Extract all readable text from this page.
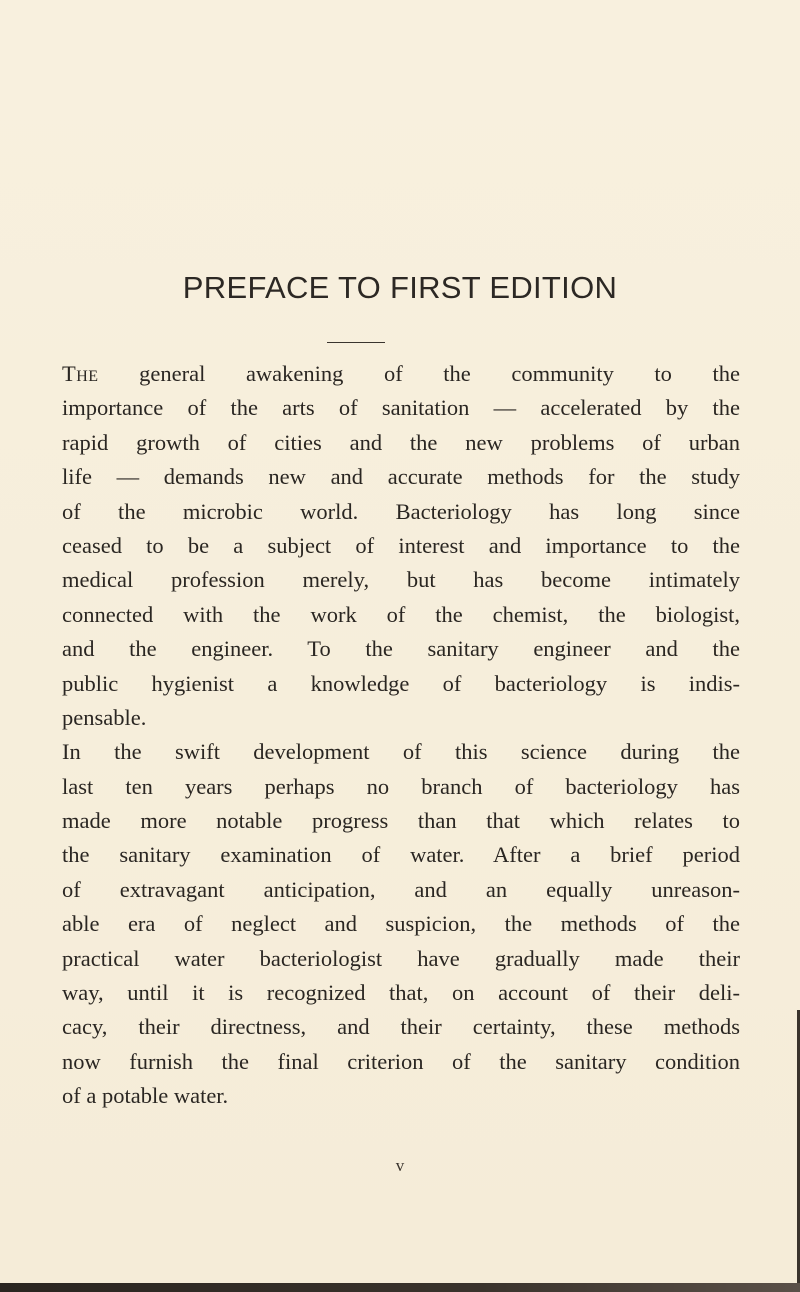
PREFACE TO FIRST EDITION
The general awakening of the community to the
importance of the arts of sanitation — accelerated by the
rapid growth of cities and the new problems of urban
life — demands new and accurate methods for the study
of the microbic world. Bacteriology has long since
ceased to be a subject of interest and importance to the
medical profession merely, but has become intimately
connected with the work of the chemist, the biologist,
and the engineer. To the sanitary engineer and the
public hygienist a knowledge of bacteriology is indis-
pensable.
In the swift development of this science during the
last ten years perhaps no branch of bacteriology has
made more notable progress than that which relates to
the sanitary examination of water. After a brief period
of extravagant anticipation, and an equally unreason-
able era of neglect and suspicion, the methods of the
practical water bacteriologist have gradually made their
way, until it is recognized that, on account of their deli-
cacy, their directness, and their certainty, these methods
now furnish the final criterion of the sanitary condition
of a potable water.
v
